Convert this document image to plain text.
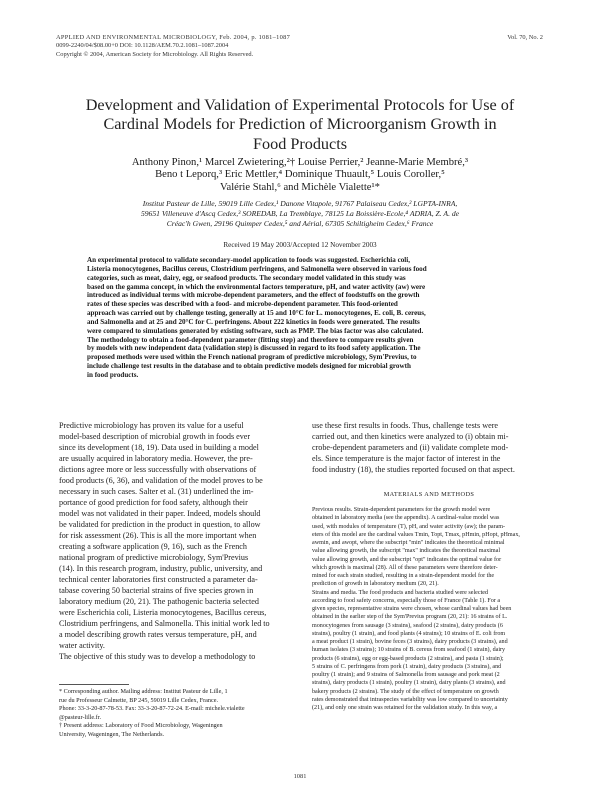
APPLIED AND ENVIRONMENTAL MICROBIOLOGY, Feb. 2004, p. 1081–1087
0099-2240/04/$08.00+0 DOI: 10.1128/AEM.70.2.1081–1087.2004
Copyright © 2004, American Society for Microbiology. All Rights Reserved.
Vol. 70, No. 2
Development and Validation of Experimental Protocols for Use of
Cardinal Models for Prediction of Microorganism Growth in
Food Products
Anthony Pinon,¹ Marcel Zwietering,²† Louise Perrier,² Jeanne-Marie Membré,³
Beno t Leporq,³ Eric Mettler,⁴ Dominique Thuault,⁵ Louis Coroller,⁵
Valérie Stahl,⁶ and Michèle Vialette¹*
Institut Pasteur de Lille, 59019 Lille Cedex,¹ Danone Vitapole, 91767 Palaiseau Cedex,² LGPTA-INRA,
59651 Villeneuve d'Ascq Cedex,³ SOREDAB, La Tremblaye, 78125 La Boissière-Ecole,⁴ ADRIA, Z. A. de
Créac'h Gwen, 29196 Quimper Cedex,⁵ and Aérial, 67305 Schiltigheim Cedex,⁶ France
Received 19 May 2003/Accepted 12 November 2003
An experimental protocol to validate secondary-model application to foods was suggested. Escherichia coli,
Listeria monocytogenes, Bacillus cereus, Clostridium perfringens, and Salmonella were observed in various food
categories, such as meat, dairy, egg, or seafood products. The secondary model validated in this study was
based on the gamma concept, in which the environmental factors temperature, pH, and water activity (aw) were
introduced as individual terms with microbe-dependent parameters, and the effect of foodstuffs on the growth
rates of these species was described with a food- and microbe-dependent parameter. This food-oriented
approach was carried out by challenge testing, generally at 15 and 10°C for L. monocytogenes, E. coli, B. cereus,
and Salmonella and at 25 and 20°C for C. perfringens. About 222 kinetics in foods were generated. The results
were compared to simulations generated by existing software, such as PMP. The bias factor was also calculated.
The methodology to obtain a food-dependent parameter (fitting step) and therefore to compare results given
by models with new independent data (validation step) is discussed in regard to its food safety application. The
proposed methods were used within the French national program of predictive microbiology, Sym'Previus, to
include challenge test results in the database and to obtain predictive models designed for microbial growth
in food products.
Predictive microbiology has proven its value for a useful
model-based description of microbial growth in foods ever
since its development (18, 19). Data used in building a model
are usually acquired in laboratory media. However, the pre-
dictions agree more or less successfully with observations of
food products (6, 36), and validation of the model proves to be
necessary in such cases. Salter et al. (31) underlined the im-
portance of good prediction for food safety, although their
model was not validated in their paper. Indeed, models should
be validated for prediction in the product in question, to allow
for risk assessment (26). This is all the more important when
creating a software application (9, 16), such as the French
national program of predictive microbiology, Sym'Previus
(14). In this research program, industry, public, university, and
technical center laboratories first constructed a parameter da-
tabase covering 50 bacterial strains of five species grown in
laboratory medium (20, 21). The pathogenic bacteria selected
were Escherichia coli, Listeria monocytogenes, Bacillus cereus,
Clostridium perfringens, and Salmonella. This initial work led to
a model describing growth rates versus temperature, pH, and
water activity.
The objective of this study was to develop a methodology to
use these first results in foods. Thus, challenge tests were
carried out, and then kinetics were analyzed to (i) obtain mi-
crobe-dependent parameters and (ii) validate complete mod-
els. Since temperature is the major factor of interest in the
food industry (18), the studies reported focused on that aspect.
MATERIALS AND METHODS
Previous results. Strain-dependent parameters for the growth model were
obtained in laboratory media (see the appendix). A cardinal-value model was
used, with modules of temperature (T), pH, and water activity (aw); the param-
eters of this model are the cardinal values Tmin, Topt, Tmax, pHmin, pHopt, pHmax,
awmin, and awopt, where the subscript "min" indicates the theoretical minimal
value allowing growth, the subscript "max" indicates the theoretical maximal
value allowing growth, and the subscript "opt" indicates the optimal value for
which growth is maximal (28). All of these parameters were therefore deter-
mined for each strain studied, resulting in a strain-dependent model for the
prediction of growth in laboratory medium (20, 21).
Strains and media. The food products and bacteria studied were selected
according to food safety concerns, especially those of France (Table 1). For a
given species, representative strains were chosen, whose cardinal values had been
obtained in the earlier step of the Sym'Previus program (20, 21): 16 strains of L.
monocytogenes from sausage (3 strains), seafood (2 strains), dairy products (6
strains), poultry (1 strain), and food plants (4 strains); 10 strains of E. coli from
a meat product (1 strain), bovine feces (3 strains), dairy products (3 strains), and
human isolates (3 strains); 10 strains of B. cereus from seafood (1 strain), dairy
products (6 strains), egg or egg-based products (2 strains), and pasta (1 strain);
5 strains of C. perfringens from pork (1 strain), dairy products (3 strains), and
poultry (1 strain); and 9 strains of Salmonella from sausage and pork meat (2
strains), dairy products (1 strain), poultry (1 strain), dairy plants (3 strains), and
bakery products (2 strains). The study of the effect of temperature on growth
rates demonstrated that intraspecies variability was low compared to uncertainty
(21), and only one strain was retained for the validation study. In this way, a
* Corresponding author. Mailing address: Institut Pasteur de Lille, 1
rue du Professeur Calmette, BP 245, 59019 Lille Cedex, France.
Phone: 33-3-20-87-78-53. Fax: 33-3-20-87-72-24. E-mail: michele.vialette
@pasteur-lille.fr.
† Present address: Laboratory of Food Microbiology, Wageningen
University, Wageningen, The Netherlands.
1081
